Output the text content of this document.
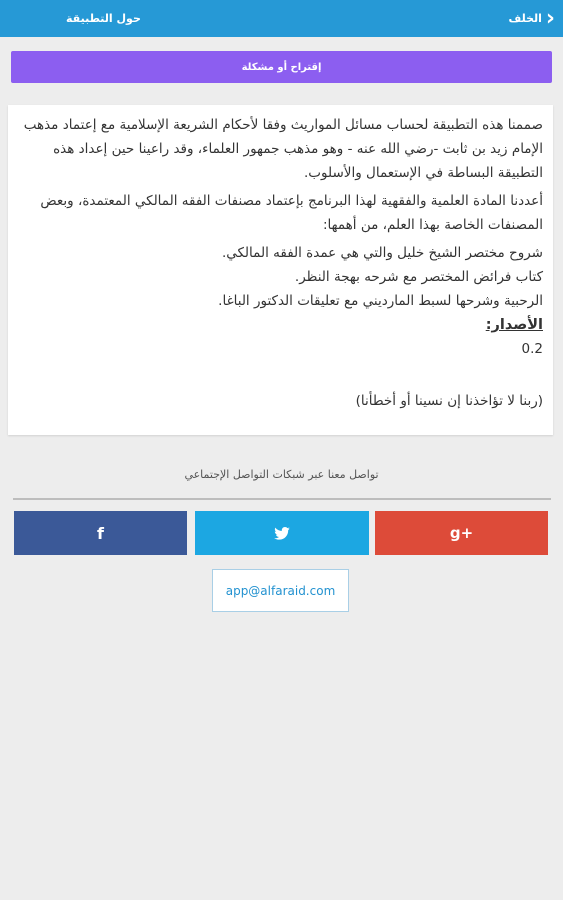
الخلف ›
حول التطبيقة
إقتراح أو مشكلة

صممنا هذه التطبيقة لحساب مسائل المواريث وفقا لأحكام الشريعة الإسلامية مع إعتماد مذهب الإمام زيد بن ثابت -رضي الله عنه - وهو مذهب جمهور العلماء، وقد راعينا حين إعداد هذه التطبيقة البساطة في الإستعمال والأسلوب.

أعددنا المادة العلمية والفقهية لهذا البرنامج بإعتماد مصنفات الفقه المالكي المعتمدة، وبعض المصنفات الخاصة بهذا العلم، من أهمها:

شروح مختصر الشيخ خليل والتي هي عمدة الفقه المالكي.
كتاب فرائض المختصر مع شرحه بهجة النظر.
الرحبية وشرحها لسبط المارديني مع تعليقات الدكتور الباغا.
الأصدار:
0.2
(ربنا لا تؤاخذنا إن نسينا أو أخطأنا)
تواصل معنا عبر شبكات التواصل الإجتماعي
f	g+
app@alfaraid.com
